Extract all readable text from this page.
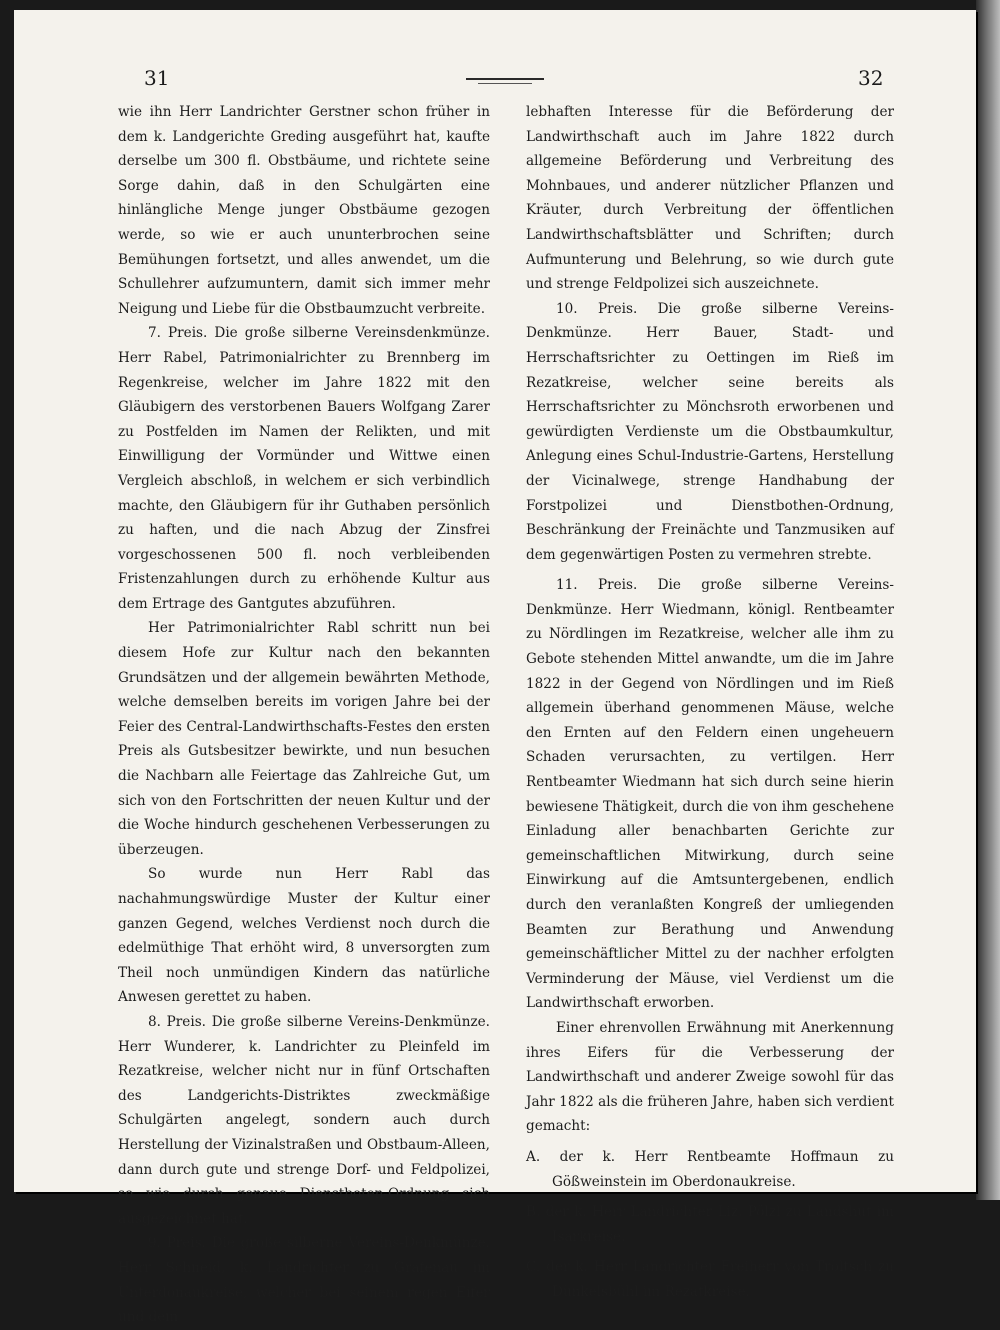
31	32

wie ihn Herr Landrichter Gerstner schon früher in dem k. Landgerichte Greding ausgeführt hat, kaufte derselbe um 300 fl. Obstbäume, und richtete seine Sorge dahin, daß in den Schulgärten eine hinlängliche Menge junger Obstbäume gezogen werde, so wie er auch ununterbrochen seine Bemühungen fortsetzt, und alles anwendet, um die Schullehrer aufzumuntern, damit sich immer mehr Neigung und Liebe für die Obstbaumzucht verbreite.

7. Preis. Die große silberne Vereinsdenkmünze. Herr Rabel, Patrimonialrichter zu Brennberg im Regenkreise, welcher im Jahre 1822 mit den Gläubigern des verstorbenen Bauers Wolfgang Zarer zu Postfelden im Namen der Relikten, und mit Einwilligung der Vormünder und Wittwe einen Vergleich abschloß, in welchem er sich verbindlich machte, den Gläubigern für ihr Guthaben persönlich zu haften, und die nach Abzug der Zinsfrei vorgeschossenen 500 fl. noch verbleibenden Fristenzahlungen durch zu erhöhende Kultur aus dem Ertrage des Gantgutes abzuführen.

Her Patrimonialrichter Rabl schritt nun bei diesem Hofe zur Kultur nach den bekannten Grundsätzen und der allgemein bewährten Methode, welche demselben bereits im vorigen Jahre bei der Feier des Central-Landwirthschafts-Festes den ersten Preis als Gutsbesitzer bewirkte, und nun besuchen die Nachbarn alle Feiertage das Zahlreiche Gut, um sich von den Fortschritten der neuen Kultur und der die Woche hindurch geschehenen Verbesserungen zu überzeugen.

So wurde nun Herr Rabl das nachahmungswürdige Muster der Kultur einer ganzen Gegend, welches Verdienst noch durch die edelmüthige That erhöht wird, 8 unversorgten zum Theil noch unmündigen Kindern das natürliche Anwesen gerettet zu haben.

8. Preis. Die große silberne Vereins-Denkmünze. Herr Wunderer, k. Landrichter zu Pleinfeld im Rezatkreise, welcher nicht nur in fünf Ortschaften des Landgerichts-Distriktes zweckmäßige Schulgärten angelegt, sondern auch durch Herstellung der Vizinalstraßen und Obstbaum-Alleen, dann durch gute und strenge Dorf- und Feldpolizei, so wie durch genaue Dienstboten-Ordnung sich ausgezeichnet hat.

9. Preis. Die große silberne Vereins-Denkmünze. Herr Schneid, k. Landrichter zu Grafenau im Unterdonaukreise, welcher bei seinem regen Eifer und dem

lebhaften Interesse für die Beförderung der Landwirthschaft auch im Jahre 1822 durch allgemeine Beförderung und Verbreitung des Mohnbaues, und anderer nützlicher Pflanzen und Kräuter, durch Verbreitung der öffentlichen Landwirthschaftsblätter und Schriften; durch Aufmunterung und Belehrung, so wie durch gute und strenge Feldpolizei sich auszeichnete.

10. Preis. Die große silberne Vereins-Denkmünze. Herr Bauer, Stadt- und Herrschaftsrichter zu Oettingen im Rieß im Rezatkreise, welcher seine bereits als Herrschaftsrichter zu Mönchsroth erworbenen und gewürdigten Verdienste um die Obstbaumkultur, Anlegung eines Schul-Industrie-Gartens, Herstellung der Vicinalwege, strenge Handhabung der Forstpolizei und Dienstbothen-Ordnung, Beschränkung der Freinächte und Tanzmusiken auf dem gegenwärtigen Posten zu vermehren strebte.

11. Preis. Die große silberne Vereins-Denkmünze. Herr Wiedmann, königl. Rentbeamter zu Nördlingen im Rezatkreise, welcher alle ihm zu Gebote stehenden Mittel anwandte, um die im Jahre 1822 in der Gegend von Nördlingen und im Rieß allgemein überhand genommenen Mäuse, welche den Ernten auf den Feldern einen ungeheuern Schaden verursachten, zu vertilgen. Herr Rentbeamter Wiedmann hat sich durch seine hierin bewiesene Thätigkeit, durch die von ihm geschehene Einladung aller benachbarten Gerichte zur gemeinschaftlichen Mitwirkung, durch seine Einwirkung auf die Amtsuntergebenen, endlich durch den veranlaßten Kongreß der umliegenden Beamten zur Berathung und Anwendung gemeinschäftlicher Mittel zu der nachher erfolgten Verminderung der Mäuse, viel Verdienst um die Landwirthschaft erworben.

Einer ehrenvollen Erwähnung mit Anerkennung ihres Eifers für die Verbesserung der Landwirthschaft und anderer Zweige sowohl für das Jahr 1822 als die früheren Jahre, haben sich verdient gemacht:

A. der k. Herr Rentbeamte Hoffmaun zu Gößweinstein im Oberdonaukreise.

B. der k. Herr Landrichter Liz. Pölzl zu Landshut im Isarkreise.

C. der k. Herr Landrichter Freiherr von Tröltsch zu Dünkelsbühl im Rezatkreise.
